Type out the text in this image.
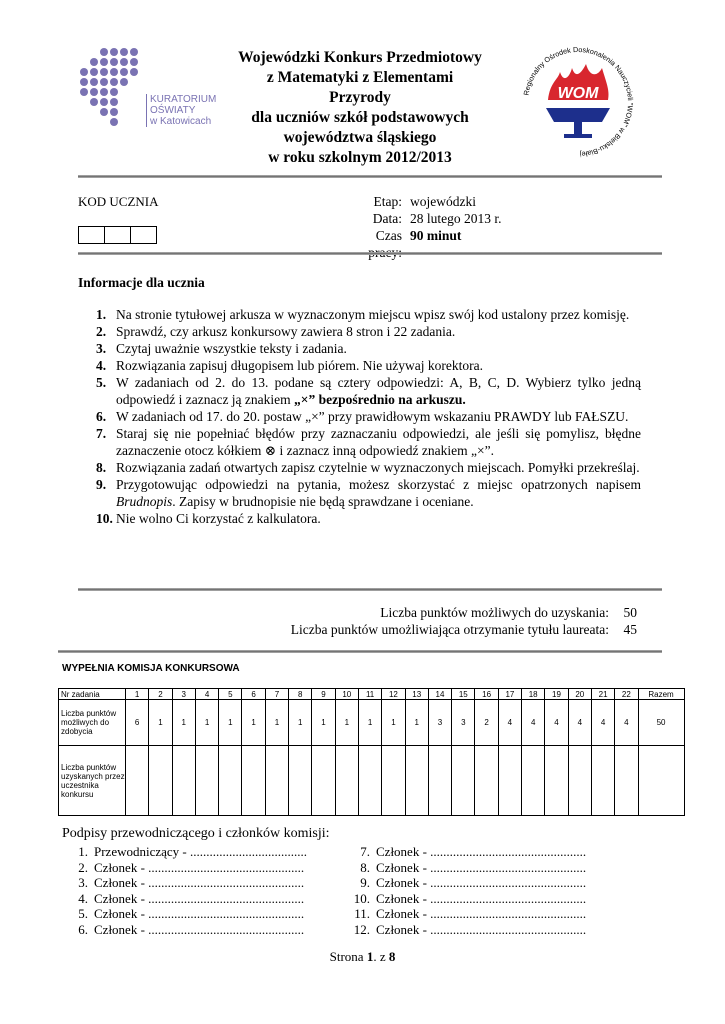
KURATORIUM
OŚWIATY
w Katowicach
Wojewódzki Konkurs Przedmiotowy
z Matematyki z Elementami
Przyrody
dla uczniów szkół podstawowych
województwa śląskiego
w roku szkolnym 2012/2013
Regionalny Ośrodek Doskonalenia Nauczycieli "WOM" w Bielsku-Białej
WOM
KOD UCZNIA	Etap: wojewódzki
Data: 28 lutego 2013 r.
Czas 90 minut
Informacje dla ucznia
1. Na stronie tytułowej arkusza w wyznaczonym miejscu wpisz swój kod ustalony przez komisję.
2. Sprawdź, czy arkusz konkursowy zawiera 8 stron i 22 zadania.
3. Czytaj uważnie wszystkie teksty i zadania.
4. Rozwiązania zapisuj długopisem lub piórem. Nie używaj korektora.
5. W zadaniach od 2. do 13. podane są cztery odpowiedzi: A, B, C, D. Wybierz tylko jedną odpowiedź i zaznacz ją znakiem „×” bezpośrednio na arkuszu.
6. W zadaniach od 17. do 20. postaw „×” przy prawidłowym wskazaniu PRAWDY lub FAŁSZU.
7. Staraj się nie popełniać błędów przy zaznaczaniu odpowiedzi, ale jeśli się pomylisz, błędne zaznaczenie otocz kółkiem ⊗ i zaznacz inną odpowiedź znakiem „×”.
8. Rozwiązania zadań otwartych zapisz czytelnie w wyznaczonych miejscach. Pomyłki przekreślaj.
9. Przygotowując odpowiedzi na pytania, możesz skorzystać z miejsc opatrzonych napisem Brudnopis. Zapisy w brudnopisie nie będą sprawdzane i oceniane.
10. Nie wolno Ci korzystać z kalkulatora.
Liczba punktów możliwych do uzyskania:	50
Liczba punktów umożliwiająca otrzymanie tytułu laureata:	45
WYPEŁNIA KOMISJA KONKURSOWA
Nr zadania	1	2	3	4	5	6	7	8	9	10	11	12	13	14	15	16	17	18	19	20	21	22	Razem
Liczba punktów możliwych do zdobycia	6	1	1	1	1	1	1	1	1	1	1	1	1	3	3	2	4	4	4	4	4	4	50
Liczba punktów uzyskanych przez uczestnika konkursu																							
Podpisy przewodniczącego i członków komisji:
1. Przewodniczący - ....................................
2. Członek - ................................................
3. Członek - ................................................
4. Członek - ................................................
5. Członek - ................................................
6. Członek - ................................................
7. Członek - ................................................
8. Członek - ................................................
9. Członek - ................................................
10. Członek - ................................................
11. Członek - ................................................
12. Członek - ................................................
Strona 1. z 8
